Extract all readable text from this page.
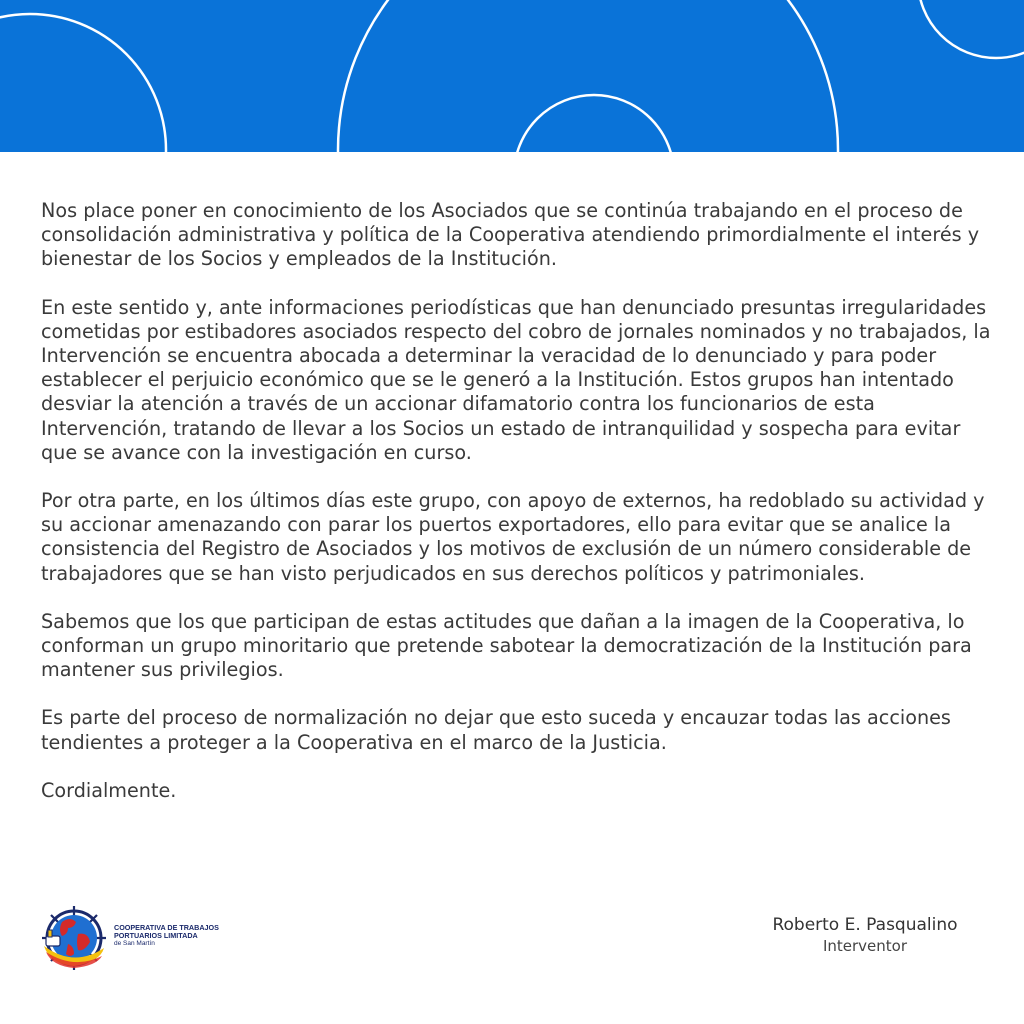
Nos place poner en conocimiento de los Asociados que se continúa trabajando en el proceso de consolidación administrativa y política de la Cooperativa atendiendo primordialmente el interés y bienestar de los Socios y empleados de la Institución.

En este sentido y, ante informaciones periodísticas que han denunciado presuntas irregularidades cometidas por estibadores asociados respecto del cobro de jornales nominados y no trabajados, la Intervención se encuentra abocada a determinar la veracidad de lo denunciado y para poder establecer el perjuicio económico que se le generó a la Institución. Estos grupos han intentado desviar la atención a través de un accionar difamatorio contra los funcionarios de esta Intervención, tratando de llevar a los Socios un estado de intranquilidad y sospecha para evitar que se avance con la investigación en curso.

Por otra parte, en los últimos días este grupo, con apoyo de externos, ha redoblado su actividad y su accionar amenazando con parar los puertos exportadores, ello para evitar que se analice la consistencia del Registro de Asociados y los motivos de exclusión de un número considerable de trabajadores que se han visto perjudicados en sus derechos políticos y patrimoniales.

Sabemos que los que participan de estas actitudes que dañan a la imagen de la Cooperativa, lo conforman un grupo minoritario que pretende sabotear la democratización de la Institución para mantener sus privilegios.

Es parte del proceso de normalización no dejar que esto suceda y encauzar todas las acciones tendientes a proteger a la Cooperativa en el marco de la Justicia.

Cordialmente.

COOPERATIVA DE TRABAJOS
PORTUARIOS LIMITADA
de San Martín
Roberto E. Pasqualino
Interventor
